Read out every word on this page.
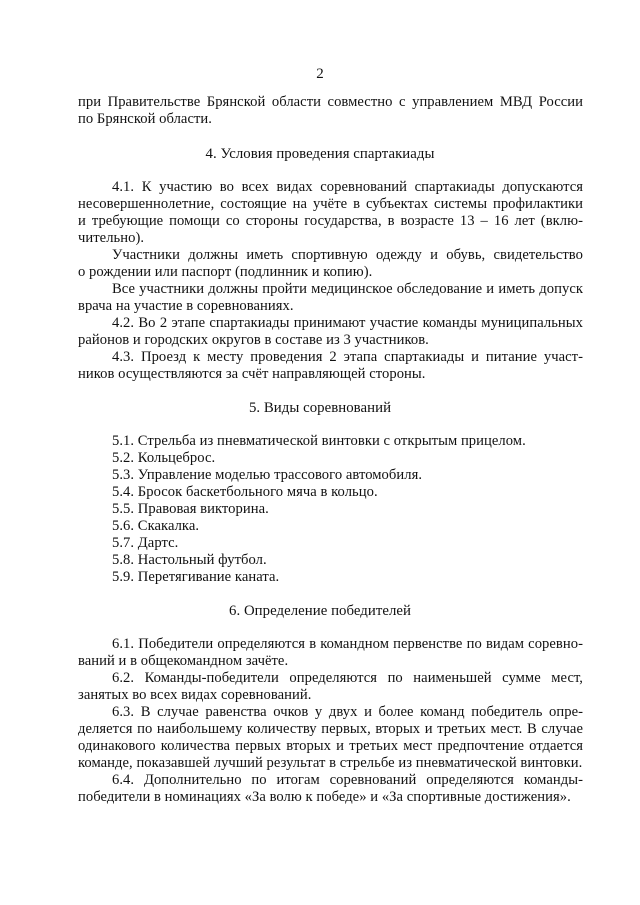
2
при Правительстве Брянской области совместно с управлением МВД России
по Брянской области.
4. Условия проведения спартакиады
4.1. К участию во всех видах соревнований спартакиады допускаются
несовершеннолетние, состоящие на учёте в субъектах системы профилактики
и требующие помощи со стороны государства, в возрасте 13 – 16 лет (вклю-
чительно).
Участники должны иметь спортивную одежду и обувь, свидетельство
о рождении или паспорт (подлинник и копию).
Все участники должны пройти медицинское обследование и иметь допуск
врача на участие в соревнованиях.
4.2. Во 2 этапе спартакиады принимают участие команды муниципальных
районов и городских округов в составе из 3 участников.
4.3. Проезд к месту проведения 2 этапа спартакиады и питание участ-
ников осуществляются за счёт направляющей стороны.
5. Виды соревнований
5.1. Стрельба из пневматической винтовки с открытым прицелом.
5.2. Кольцеброс.
5.3. Управление моделью трассового автомобиля.
5.4. Бросок баскетбольного мяча в кольцо.
5.5. Правовая викторина.
5.6. Скакалка.
5.7. Дартс.
5.8. Настольный футбол.
5.9. Перетягивание каната.
6. Определение победителей
6.1. Победители определяются в командном первенстве по видам соревно-
ваний и в общекомандном зачёте.
6.2. Команды-победители определяются по наименьшей сумме мест,
занятых во всех видах соревнований.
6.3. В случае равенства очков у двух и более команд победитель опре-
деляется по наибольшему количеству первых, вторых и третьих мест. В случае
одинакового количества первых вторых и третьих мест предпочтение отдается
команде, показавшей лучший результат в стрельбе из пневматической винтовки.
6.4. Дополнительно по итогам соревнований определяются команды-
победители в номинациях «За волю к победе» и «За спортивные достижения».
